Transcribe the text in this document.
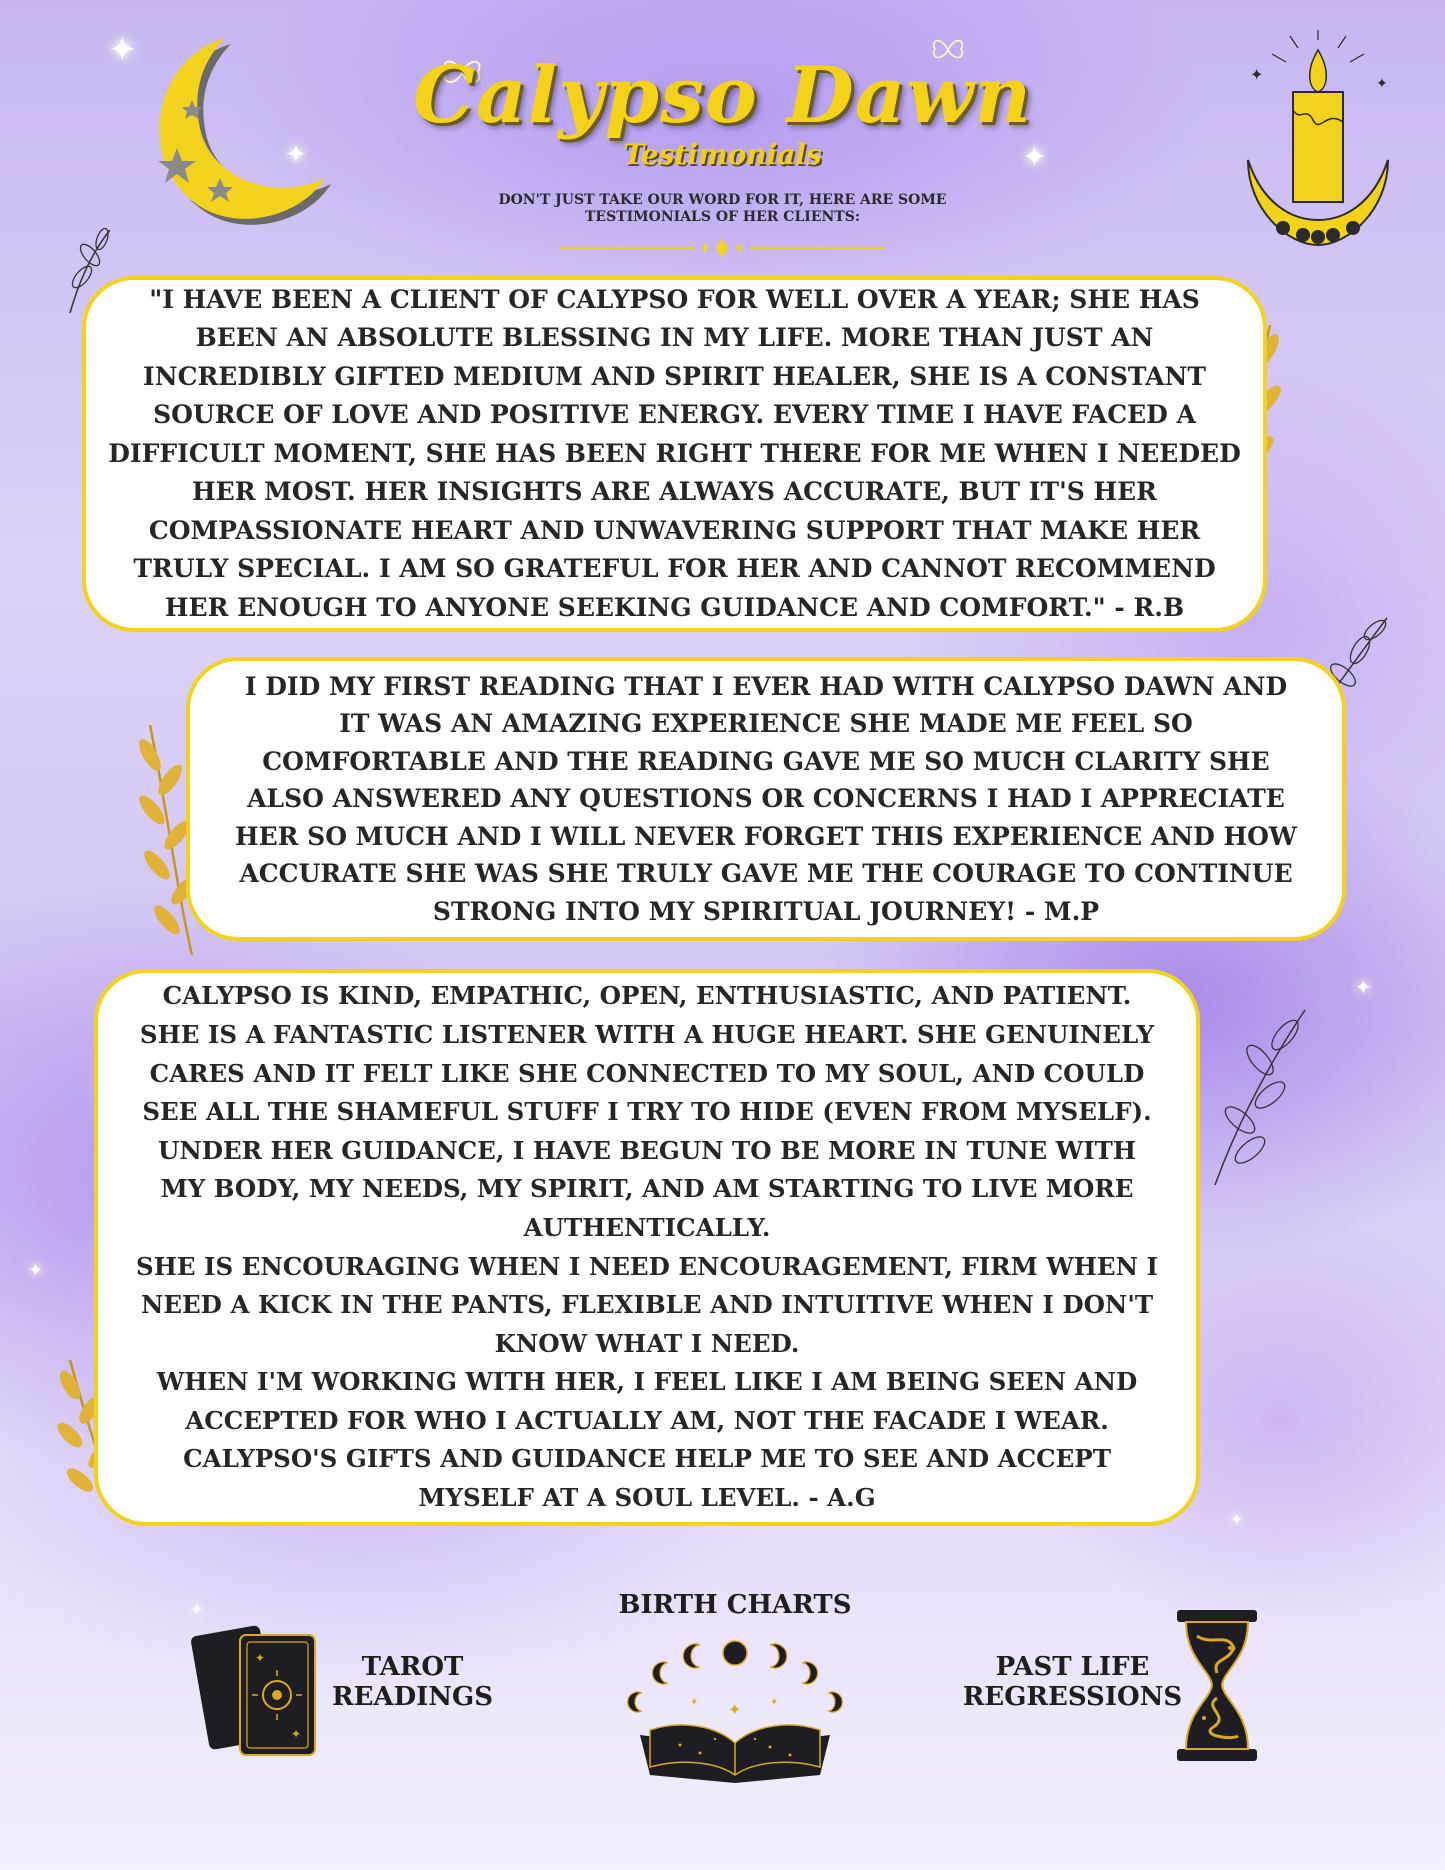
✦
✦	✦
✦
✦
✦
✦
✦	✦
Calypso Dawn
Testimonials
DON'T JUST TAKE OUR WORD FOR IT, HERE ARE SOME TESTIMONIALS OF HER CLIENTS:

"I HAVE BEEN A CLIENT OF CALYPSO FOR WELL OVER A YEAR; SHE HAS
BEEN AN ABSOLUTE BLESSING IN MY LIFE. MORE THAN JUST AN
INCREDIBLY GIFTED MEDIUM AND SPIRIT HEALER, SHE IS A CONSTANT
SOURCE OF LOVE AND POSITIVE ENERGY. EVERY TIME I HAVE FACED A
DIFFICULT MOMENT, SHE HAS BEEN RIGHT THERE FOR ME WHEN I NEEDED
HER MOST. HER INSIGHTS ARE ALWAYS ACCURATE, BUT IT'S HER
COMPASSIONATE HEART AND UNWAVERING SUPPORT THAT MAKE HER
TRULY SPECIAL. I AM SO GRATEFUL FOR HER AND CANNOT RECOMMEND
HER ENOUGH TO ANYONE SEEKING GUIDANCE AND COMFORT." - R.B

I DID MY FIRST READING THAT I EVER HAD WITH CALYPSO DAWN AND
IT WAS AN AMAZING EXPERIENCE SHE MADE ME FEEL SO
COMFORTABLE AND THE READING GAVE ME SO MUCH CLARITY SHE
ALSO ANSWERED ANY QUESTIONS OR CONCERNS I HAD I APPRECIATE
HER SO MUCH AND I WILL NEVER FORGET THIS EXPERIENCE AND HOW
ACCURATE SHE WAS SHE TRULY GAVE ME THE COURAGE TO CONTINUE
STRONG INTO MY SPIRITUAL JOURNEY! - M.P

CALYPSO IS KIND, EMPATHIC, OPEN, ENTHUSIASTIC, AND PATIENT.
SHE IS A FANTASTIC LISTENER WITH A HUGE HEART. SHE GENUINELY
CARES AND IT FELT LIKE SHE CONNECTED TO MY SOUL, AND COULD
SEE ALL THE SHAMEFUL STUFF I TRY TO HIDE (EVEN FROM MYSELF).
UNDER HER GUIDANCE, I HAVE BEGUN TO BE MORE IN TUNE WITH
MY BODY, MY NEEDS, MY SPIRIT, AND AM STARTING TO LIVE MORE
AUTHENTICALLY.
SHE IS ENCOURAGING WHEN I NEED ENCOURAGEMENT, FIRM WHEN I
NEED A KICK IN THE PANTS, FLEXIBLE AND INTUITIVE WHEN I DON'T
KNOW WHAT I NEED.
WHEN I'M WORKING WITH HER, I FEEL LIKE I AM BEING SEEN AND
ACCEPTED FOR WHO I ACTUALLY AM, NOT THE FACADE I WEAR.
CALYPSO'S GIFTS AND GUIDANCE HELP ME TO SEE AND ACCEPT
MYSELF AT A SOUL LEVEL. - A.G

✦
✦
TAROT
READINGS
BIRTH CHARTS
✦
✦	✦
PAST LIFE
REGRESSIONS
